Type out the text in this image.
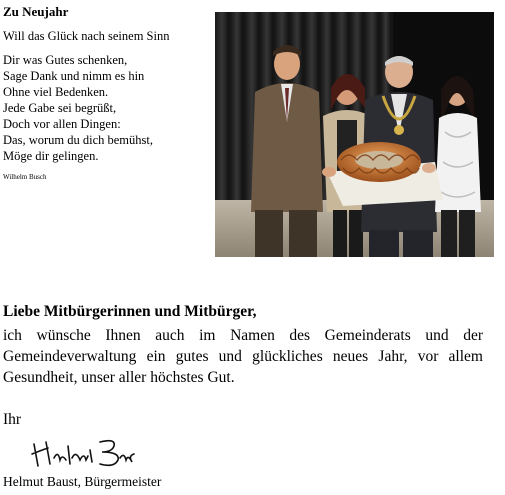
Zu Neujahr
Will das Glück nach seinem Sinn
Dir was Gutes schenken,
Sage Dank und nimm es hin
Ohne viel Bedenken.
Jede Gabe sei begrüßt,
Doch vor allen Dingen:
Das, worum du dich bemühst,
Möge dir gelingen.
Wilhelm Busch
Liebe Mitbürgerinnen und Mitbürger,
ich wünsche Ihnen auch im Namen des Gemeinderats und der Gemeindeverwaltung ein gutes und glückliches neues Jahr, vor allem Gesundheit, unser aller höchstes Gut.
Ihr
Helmut Baust, Bürgermeister
